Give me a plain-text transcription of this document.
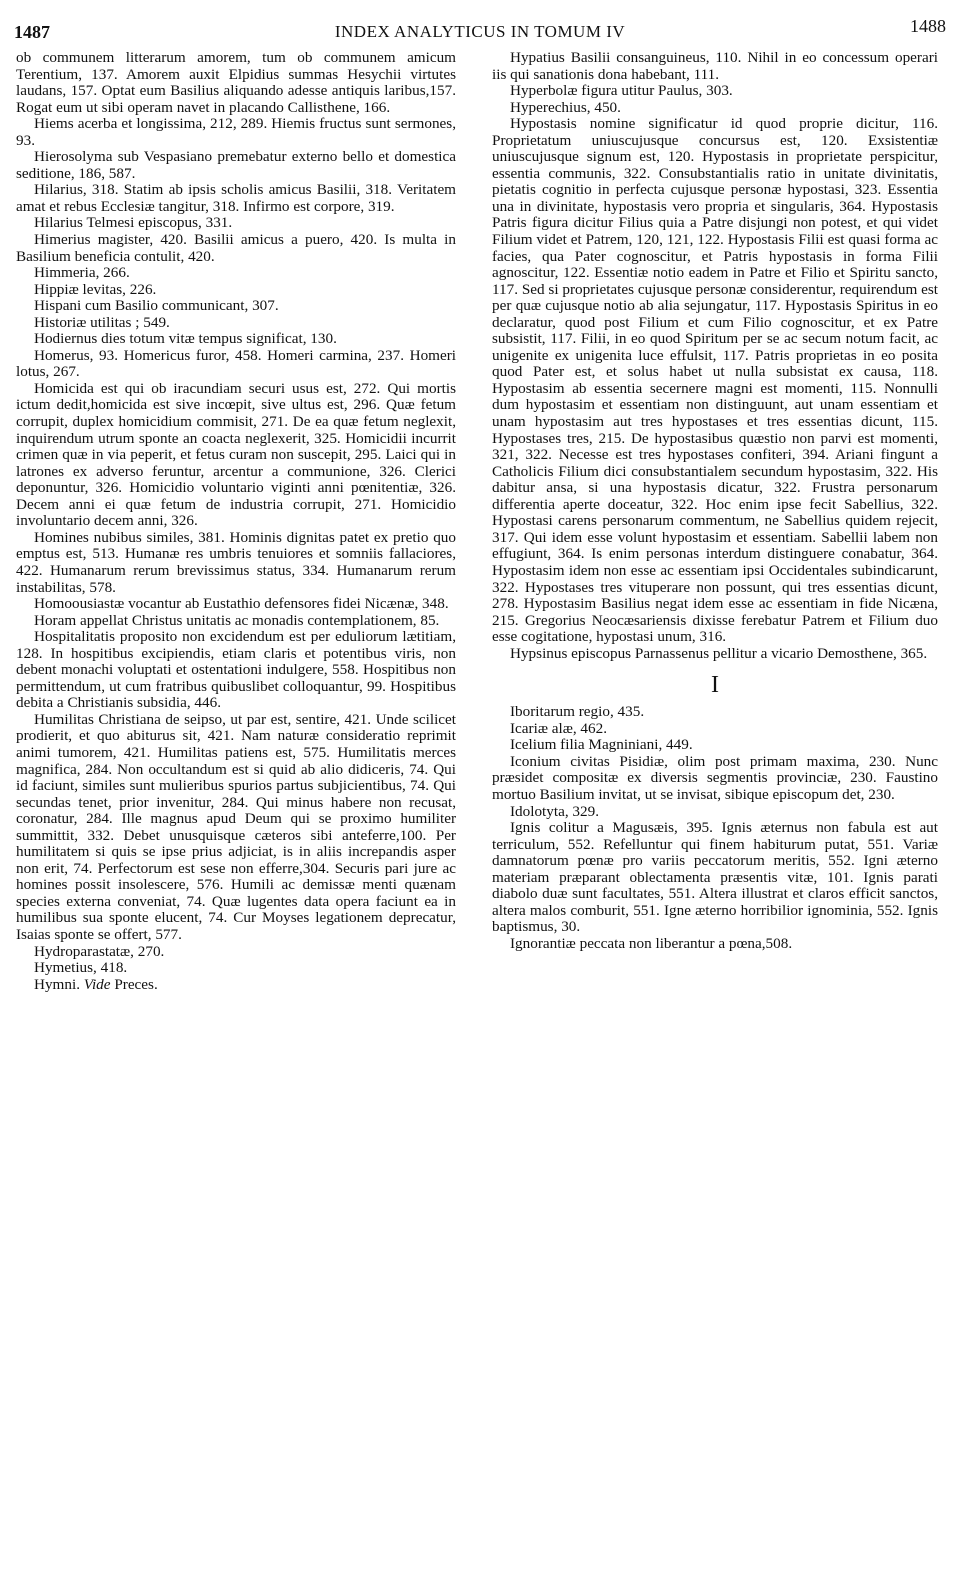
1487	INDEX ANALYTICUS IN TOMUM IV	1488

ob communem litterarum amorem, tum ob communem amicum Terentium, 137. Amorem auxit Elpidius summas Hesychii virtutes laudans, 157. Optat eum Basilius aliquando adesse antiquis laribus,157. Rogat eum ut sibi operam navet in placando Callisthene, 166.

Hiems acerba et longissima, 212, 289. Hiemis fructus sunt sermones, 93.

Hierosolyma sub Vespasiano premebatur externo bello et domestica seditione, 186, 587.

Hilarius, 318. Statim ab ipsis scholis amicus Basilii, 318. Veritatem amat et rebus Ecclesiæ tangitur, 318. Infirmo est corpore, 319.

Hilarius Telmesi episcopus, 331.

Himerius magister, 420. Basilii amicus a puero, 420. Is multa in Basilium beneficia contulit, 420.

Himmeria, 266.

Hippiæ levitas, 226.

Hispani cum Basilio communicant, 307.

Historiæ utilitas ; 549.

Hodiernus dies totum vitæ tempus significat, 130.

Homerus, 93. Homericus furor, 458. Homeri carmina, 237. Homeri lotus, 267.

Homicida est qui ob iracundiam securi usus est, 272. Qui mortis ictum dedit,homicida est sive incœpit, sive ultus est, 296. Quæ fetum corrupit, duplex homicidium commisit, 271. De ea quæ fetum neglexit, inquirendum utrum sponte an coacta neglexerit, 325. Homicidii incurrit crimen quæ in via peperit, et fetus curam non suscepit, 295. Laici qui in latrones ex adverso feruntur, arcentur a communione, 326. Clerici deponuntur, 326. Homicidio voluntario viginti anni pœnitentiæ, 326. Decem anni ei quæ fetum de industria corrupit, 271. Homicidio involuntario decem anni, 326.

Homines nubibus similes, 381. Hominis dignitas patet ex pretio quo emptus est, 513. Humanæ res umbris tenuiores et somniis fallaciores, 422. Humanarum rerum brevissimus status, 334. Humanarum rerum instabilitas, 578.

Homoousiastæ vocantur ab Eustathio defensores fidei Nicænæ, 348.

Horam appellat Christus unitatis ac monadis contemplationem, 85.

Hospitalitatis proposito non excidendum est per eduliorum lætitiam, 128. In hospitibus excipiendis, etiam claris et potentibus viris, non debent monachi voluptati et ostentationi indulgere, 558. Hospitibus non permittendum, ut cum fratribus quibuslibet colloquantur, 99. Hospitibus debita a Christianis subsidia, 446.

Humilitas Christiana de seipso, ut par est, sentire, 421. Unde scilicet prodierit, et quo abiturus sit, 421. Nam naturæ consideratio reprimit animi tumorem, 421. Humilitas patiens est, 575. Humilitatis merces magnifica, 284. Non occultandum est si quid ab alio didiceris, 74. Qui id faciunt, similes sunt mulieribus spurios partus subjicientibus, 74. Qui secundas tenet, prior invenitur, 284. Qui minus habere non recusat, coronatur, 284. Ille magnus apud Deum qui se proximo humiliter summittit, 332. Debet unusquisque cæteros sibi anteferre,100. Per humilitatem si quis se ipse prius adjiciat, is in aliis increpandis asper non erit, 74. Perfectorum est sese non efferre,304. Securis pari jure ac homines possit insolescere, 576. Humili ac demissæ menti quænam species externa conveniat, 74. Quæ lugentes data opera faciunt ea in humilibus sua sponte elucent, 74. Cur Moyses legationem deprecatur, Isaias sponte se offert, 577.

Hydroparastatæ, 270.

Hymetius, 418.

Hymni. Vide Preces.

Hypatius Basilii consanguineus, 110. Nihil in eo concessum operari iis qui sanationis dona habebant, 111.

Hyperbolæ figura utitur Paulus, 303.

Hyperechius, 450.

Hypostasis nomine significatur id quod proprie dicitur, 116. Proprietatum uniuscujusque concursus est, 120. Exsistentiæ uniuscujusque signum est, 120. Hypostasis in proprietate perspicitur, essentia communis, 322. Consubstantialis ratio in unitate divinitatis, pietatis cognitio in perfecta cujusque personæ hypostasi, 323. Essentia una in divinitate, hypostasis vero propria et singularis, 364. Hypostasis Patris figura dicitur Filius quia a Patre disjungi non potest, et qui videt Filium videt et Patrem, 120, 121, 122. Hypostasis Filii est quasi forma ac facies, qua Pater cognoscitur, et Patris hypostasis in forma Filii agnoscitur, 122. Essentiæ notio eadem in Patre et Filio et Spiritu sancto, 117. Sed si proprietates cujusque personæ considerentur, requirendum est per quæ cujusque notio ab alia sejungatur, 117. Hypostasis Spiritus in eo declaratur, quod post Filium et cum Filio cognoscitur, et ex Patre subsistit, 117. Filii, in eo quod Spiritum per se ac secum notum facit, ac unigenite ex unigenita luce effulsit, 117. Patris proprietas in eo posita quod Pater est, et solus habet ut nulla subsistat ex causa, 118. Hypostasim ab essentia secernere magni est momenti, 115. Nonnulli dum hypostasim et essentiam non distinguunt, aut unam essentiam et unam hypostasim aut tres hypostases et tres essentias dicunt, 115. Hypostases tres, 215. De hypostasibus quæstio non parvi est momenti, 321, 322. Necesse est tres hypostases confiteri, 394. Ariani fingunt a Catholicis Filium dici consubstantialem secundum hypostasim, 322. His dabitur ansa, si una hypostasis dicatur, 322. Frustra personarum differentia aperte doceatur, 322. Hoc enim ipse fecit Sabellius, 322. Hypostasi carens personarum commentum, ne Sabellius quidem rejecit, 317. Qui idem esse volunt hypostasim et essentiam. Sabellii labem non effugiunt, 364. Is enim personas interdum distinguere conabatur, 364. Hypostasim idem non esse ac essentiam ipsi Occidentales subindicarunt, 322. Hypostases tres vituperare non possunt, qui tres essentias dicunt, 278. Hypostasim Basilius negat idem esse ac essentiam in fide Nicæna, 215. Gregorius Neocæsariensis dixisse ferebatur Patrem et Filium duo esse cogitatione, hypostasi unum, 316.

Hypsinus episcopus Parnassenus pellitur a vicario Demosthene, 365.

I

Iboritarum regio, 435.

Icariæ alæ, 462.

Icelium filia Magniniani, 449.

Iconium civitas Pisidiæ, olim post primam maxima, 230. Nunc præsidet compositæ ex diversis segmentis provinciæ, 230. Faustino mortuo Basilium invitat, ut se invisat, sibique episcopum det, 230.

Idolotyta, 329.

Ignis colitur a Magusæis, 395. Ignis æternus non fabula est aut terriculum, 552. Refelluntur qui finem habiturum putat, 551. Variæ damnatorum pœnæ pro variis peccatorum meritis, 552. Igni æterno materiam præparant oblectamenta præsentis vitæ, 101. Ignis parati diabolo duæ sunt facultates, 551. Altera illustrat et claros efficit sanctos, altera malos comburit, 551. Igne æterno horribilior ignominia, 552. Ignis baptismus, 30.

Ignorantiæ peccata non liberantur a pœna,508.
